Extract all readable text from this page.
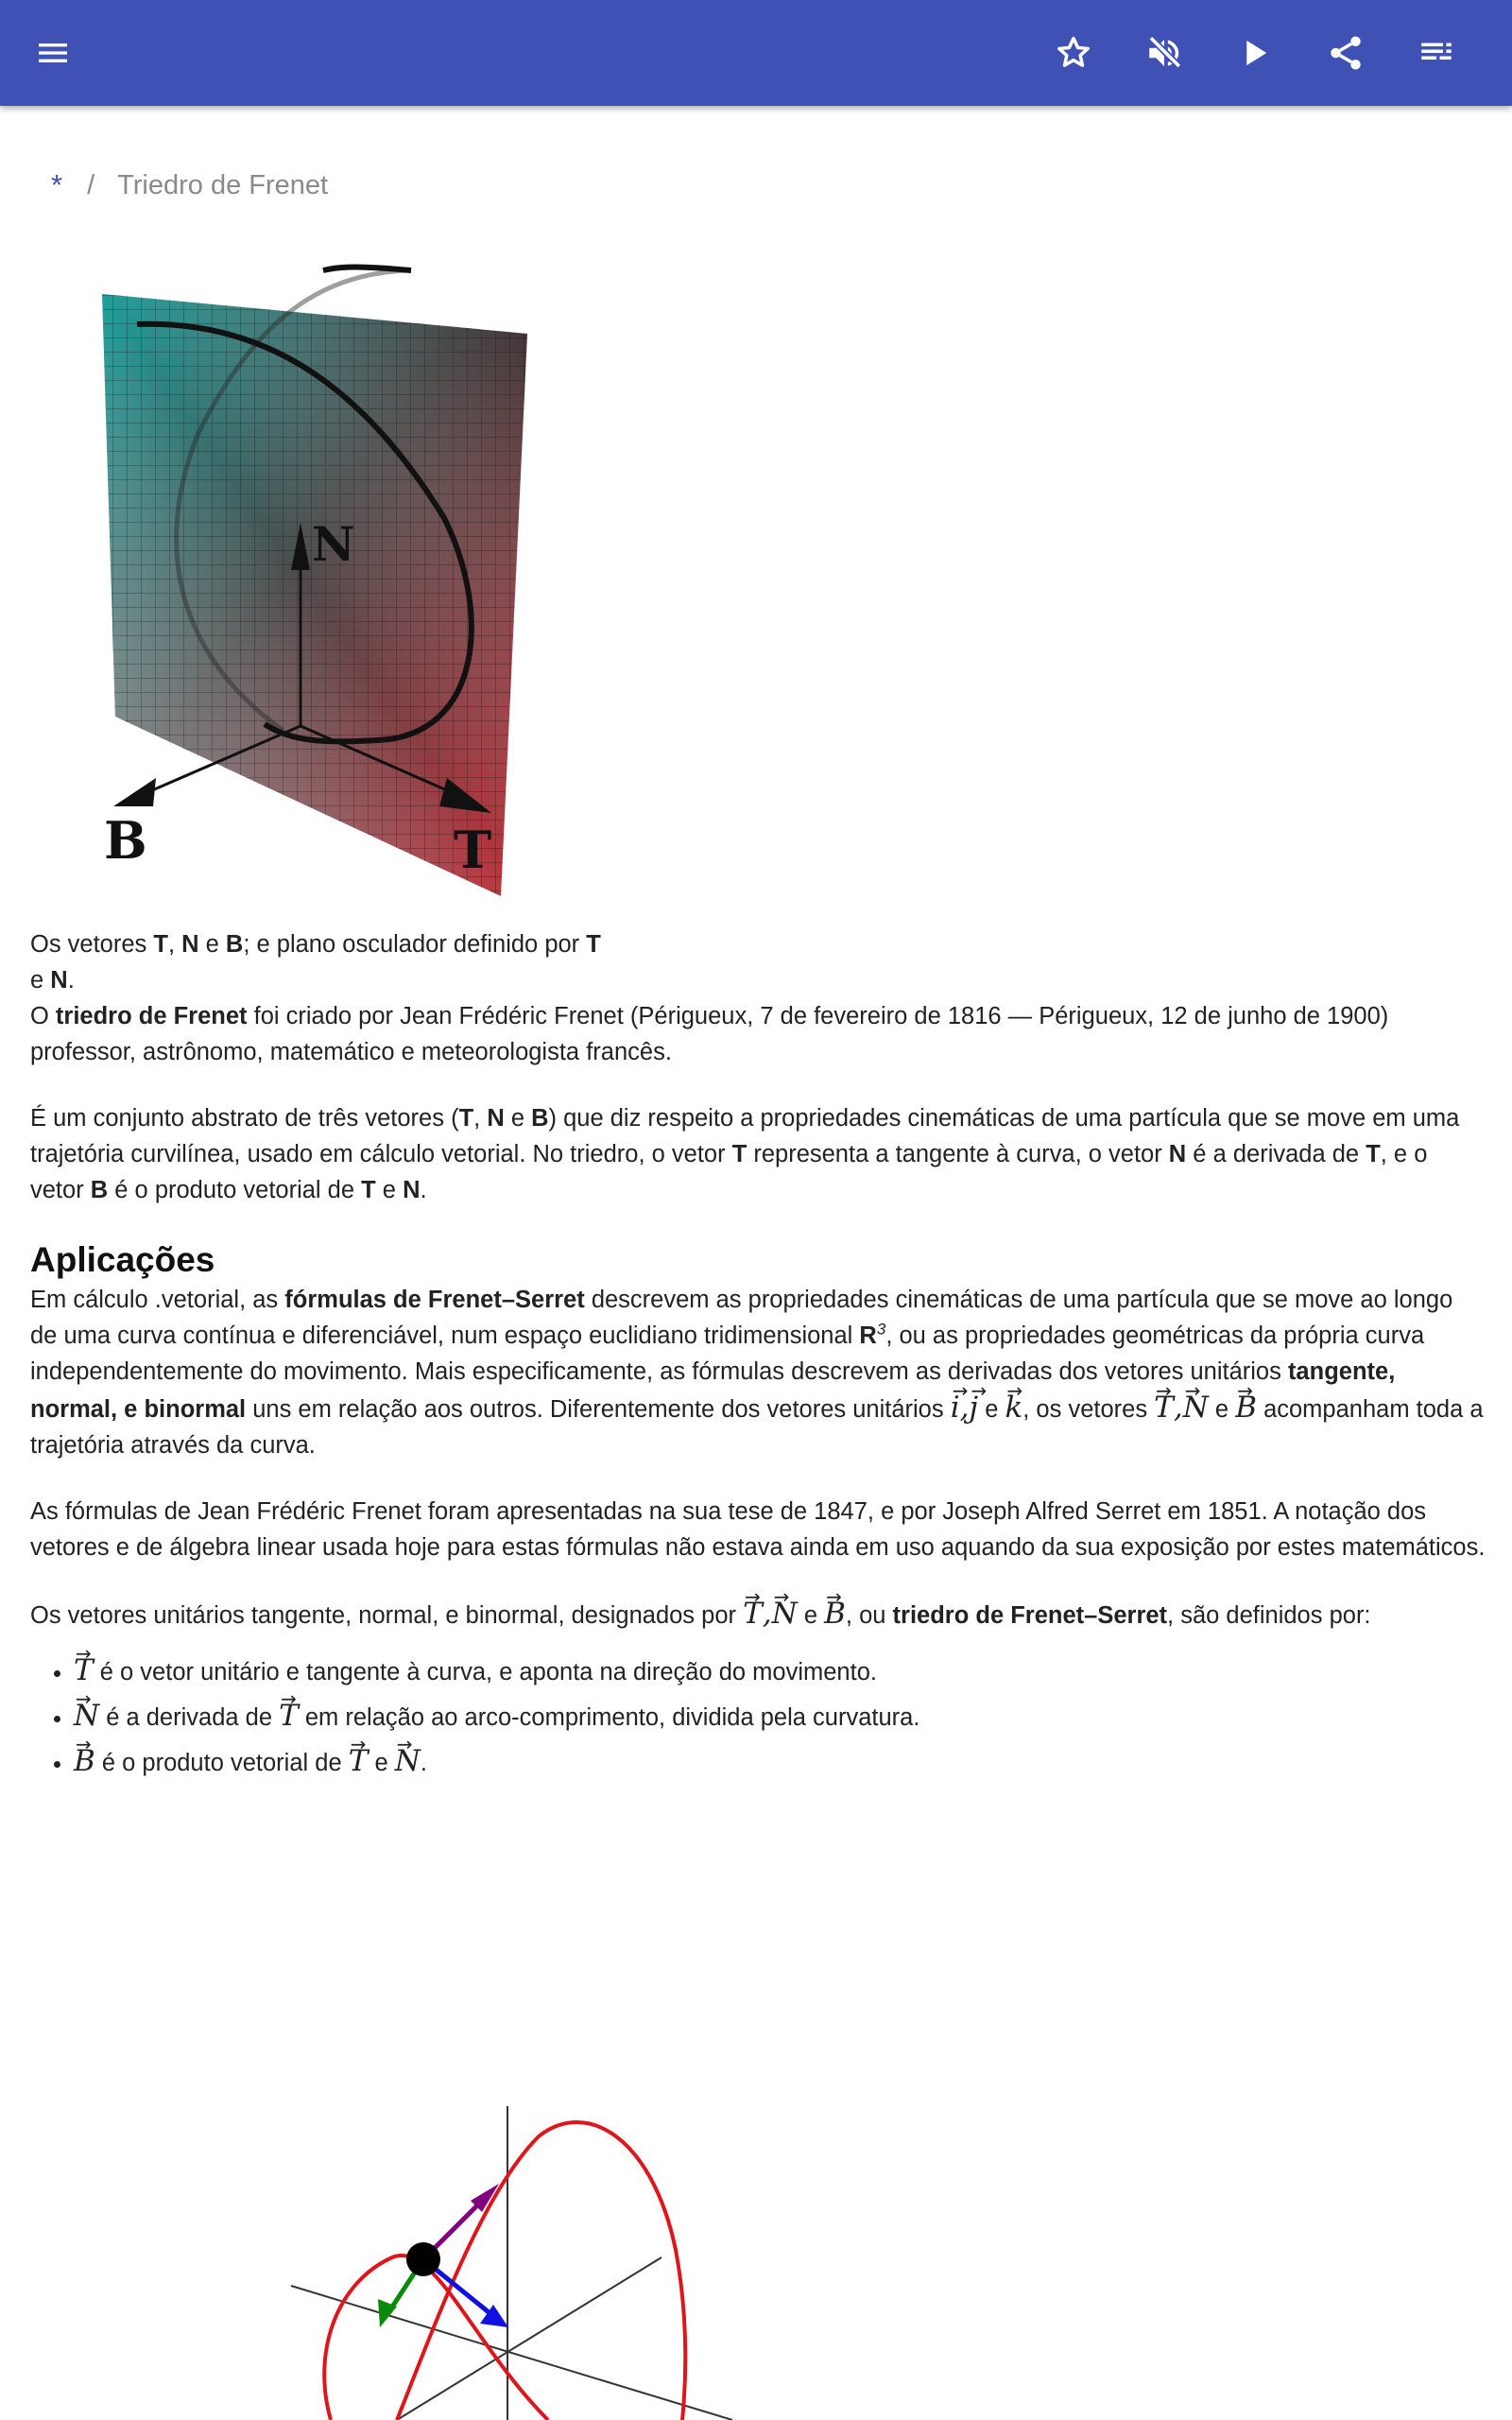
* / Triedro de Frenet
N
B	T

Os vetores T, N e B; e plano osculador definido por T
e N.

O triedro de Frenet foi criado por Jean Frédéric Frenet (Périgueux, 7 de fevereiro de 1816 — Périgueux, 12 de junho de 1900) professor, astrônomo, matemático e meteorologista francês.

É um conjunto abstrato de três vetores (T, N e B) que diz respeito a propriedades cinemáticas de uma partícula que se move em uma trajetória curvilínea, usado em cálculo vetorial. No triedro, o vetor T representa a tangente à curva, o vetor N é a derivada de T, e o vetor B é o produto vetorial de T e N.

Aplicações

Em cálculo .vetorial, as fórmulas de Frenet–Serret descrevem as propriedades cinemáticas de uma partícula que se move ao longo de uma curva contínua e diferenciável, num espaço euclidiano tridimensional $R^3$, ou as propriedades geométricas da própria curva independentemente do movimento. Mais especificamente, as fórmulas descrevem as derivadas dos vetores unitários tangente, normal, e binormal uns em relação aos outros. Diferentemente dos vetores unitários → i,→ j e → k, os vetores → T,→ N e → B acompanham toda a trajetória através da curva.

As fórmulas de Jean Frédéric Frenet foram apresentadas na sua tese de 1847, e por Joseph Alfred Serret em 1851. A notação dos vetores e de álgebra linear usada hoje para estas fórmulas não estava ainda em uso aquando da sua exposição por estes matemáticos.

Os vetores unitários tangente, normal, e binormal, designados por → T,→ N e → B, ou triedro de Frenet–Serret, são definidos por:

• → T é o vetor unitário e tangente à curva, e aponta na direção do movimento.
• → N é a derivada de → T em relação ao arco-comprimento, dividida pela curvatura.
• → B é o produto vetorial de → T e → N.
